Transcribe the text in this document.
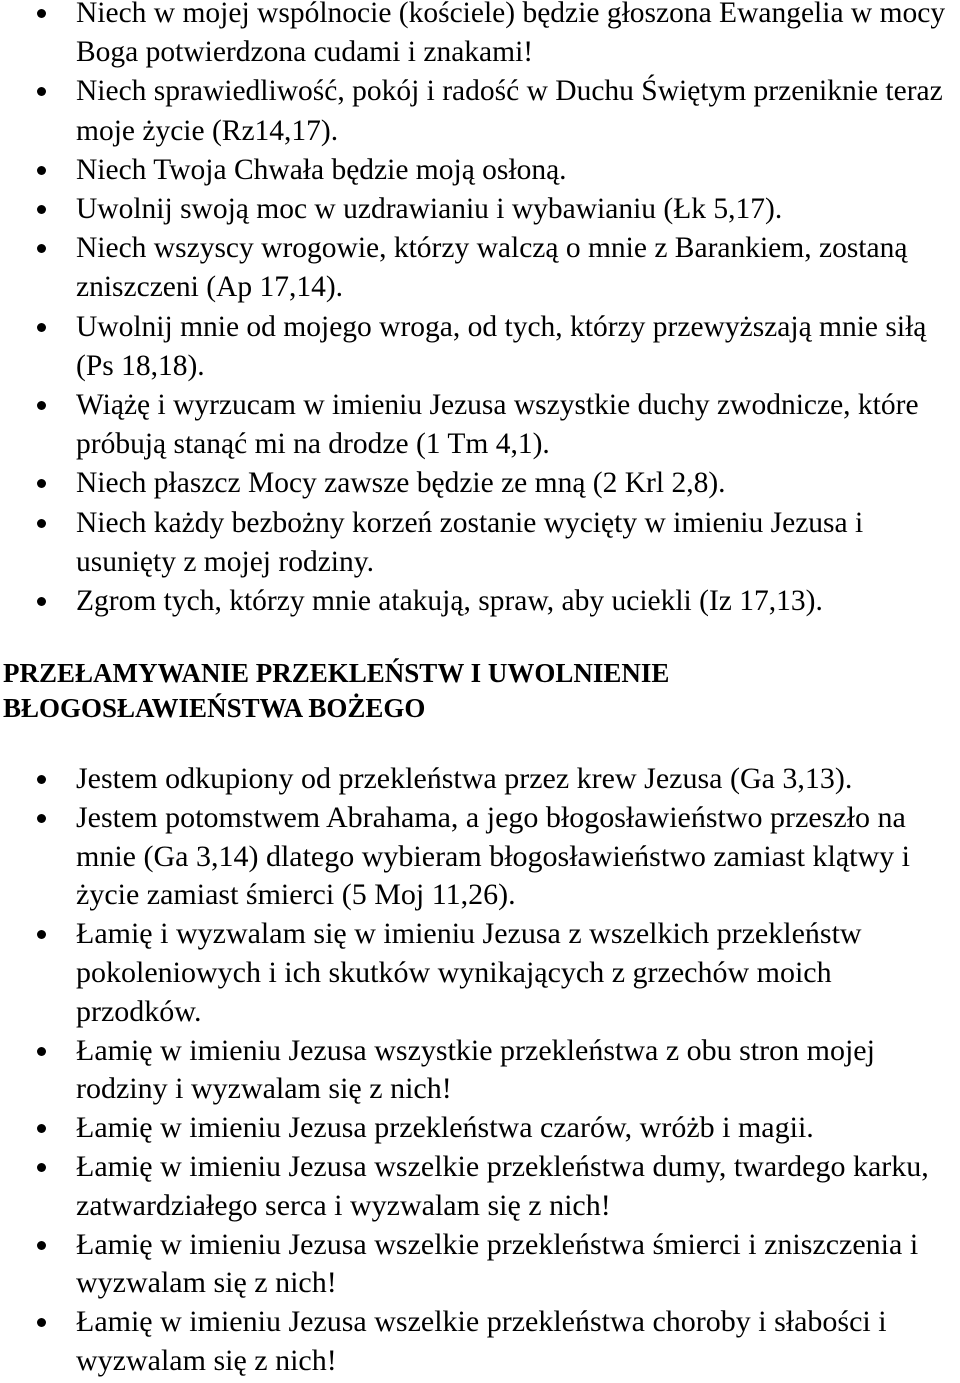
Niech w mojej wspólnocie (kościele) będzie głoszona Ewangelia w mocy Boga potwierdzona cudami i znakami!
Niech sprawiedliwość, pokój i radość w Duchu Świętym przeniknie teraz moje życie (Rz14,17).
Niech Twoja Chwała będzie moją osłoną.
Uwolnij swoją moc w uzdrawianiu i wybawianiu (Łk 5,17).
Niech wszyscy wrogowie, którzy walczą o mnie z Barankiem, zostaną zniszczeni (Ap 17,14).
Uwolnij mnie od mojego wroga, od tych, którzy przewyższają mnie siłą (Ps 18,18).
Wiążę i wyrzucam w imieniu Jezusa wszystkie duchy zwodnicze, które próbują stanąć mi na drodze (1 Tm 4,1).
Niech płaszcz Mocy zawsze będzie ze mną (2 Krl 2,8).
Niech każdy bezbożny korzeń zostanie wycięty w imieniu Jezusa i usunięty z mojej rodziny.
Zgrom tych, którzy mnie atakują, spraw, aby uciekli (Iz 17,13).
PRZEŁAMYWANIE PRZEKLEŃSTW I UWOLNIENIE
BŁOGOSŁAWIEŃSTWA BOŻEGO
Jestem odkupiony od przekleństwa przez krew Jezusa (Ga 3,13).
Jestem potomstwem Abrahama, a jego błogosławieństwo przeszło na mnie (Ga 3,14) dlatego wybieram błogosławieństwo zamiast klątwy i życie zamiast śmierci (5 Moj 11,26).
Łamię i wyzwalam się w imieniu Jezusa z wszelkich przekleństw pokoleniowych i ich skutków wynikających z grzechów moich przodków.
Łamię w imieniu Jezusa wszystkie przekleństwa z obu stron mojej rodziny i wyzwalam się z nich!
Łamię w imieniu Jezusa przekleństwa czarów, wróżb i magii.
Łamię w imieniu Jezusa wszelkie przekleństwa dumy, twardego karku, zatwardziałego serca i wyzwalam się z nich!
Łamię w imieniu Jezusa wszelkie przekleństwa śmierci i zniszczenia i wyzwalam się z nich!
Łamię w imieniu Jezusa wszelkie przekleństwa choroby i słabości i wyzwalam się z nich!
